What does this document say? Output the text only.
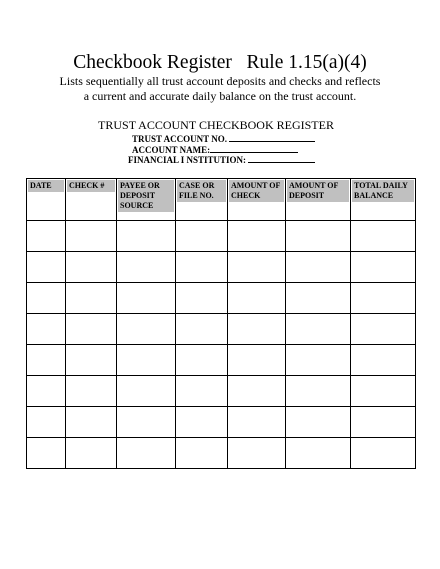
Checkbook Register   Rule 1.15(a)(4)
Lists sequentially all trust account deposits and checks and reflects
a current and accurate daily balance on the trust account.
TRUST ACCOUNT CHECKBOOK REGISTER
TRUST ACCOUNT NO.
ACCOUNT NAME:
FINANCIAL I NSTITUTION:
DATE	CHECK #	PAYEE OR DEPOSIT SOURCE	CASE OR FILE NO.	AMOUNT OF CHECK	AMOUNT OF DEPOSIT	TOTAL DAILY BALANCE
